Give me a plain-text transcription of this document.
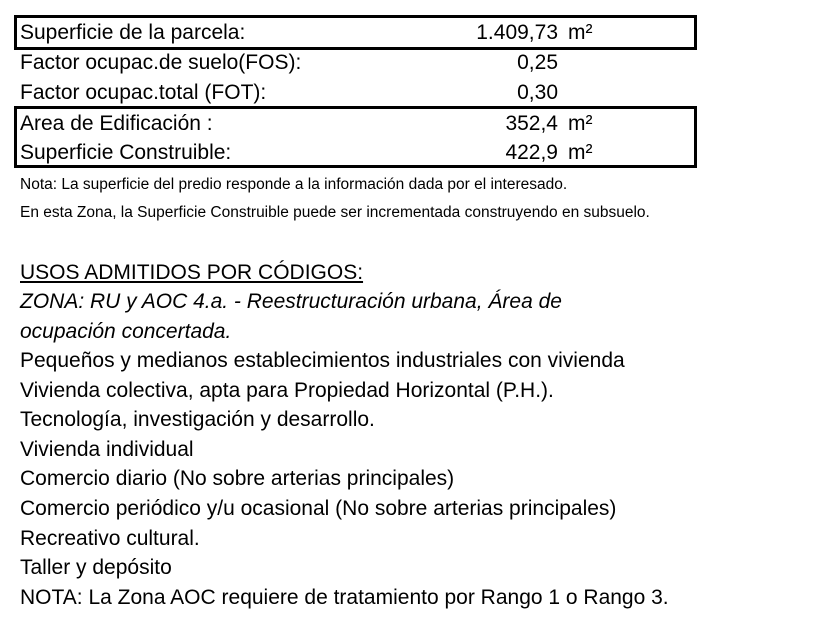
Superficie de la parcela:	1.409,73 m²
Factor ocupac.de suelo(FOS):	0,25
Factor ocupac.total (FOT):	0,30
Area de Edificación :	352,4 m²
Superficie Construible:	422,9 m²
Nota: La superficie del predio responde a la información dada por el interesado.
En esta Zona, la Superficie Construible puede ser incrementada construyendo en subsuelo.
USOS ADMITIDOS POR CÓDIGOS:
ZONA: RU y AOC 4.a. - Reestructuración urbana, Área de ocupación concertada.
Pequeños y medianos establecimientos industriales con vivienda
Vivienda colectiva, apta para Propiedad Horizontal (P.H.).
Tecnología, investigación y desarrollo.
Vivienda individual
Comercio diario (No sobre arterias principales)
Comercio periódico y/u ocasional (No sobre arterias principales)
Recreativo cultural.
Taller y depósito
NOTA: La Zona AOC requiere de tratamiento por Rango 1 o Rango 3.
